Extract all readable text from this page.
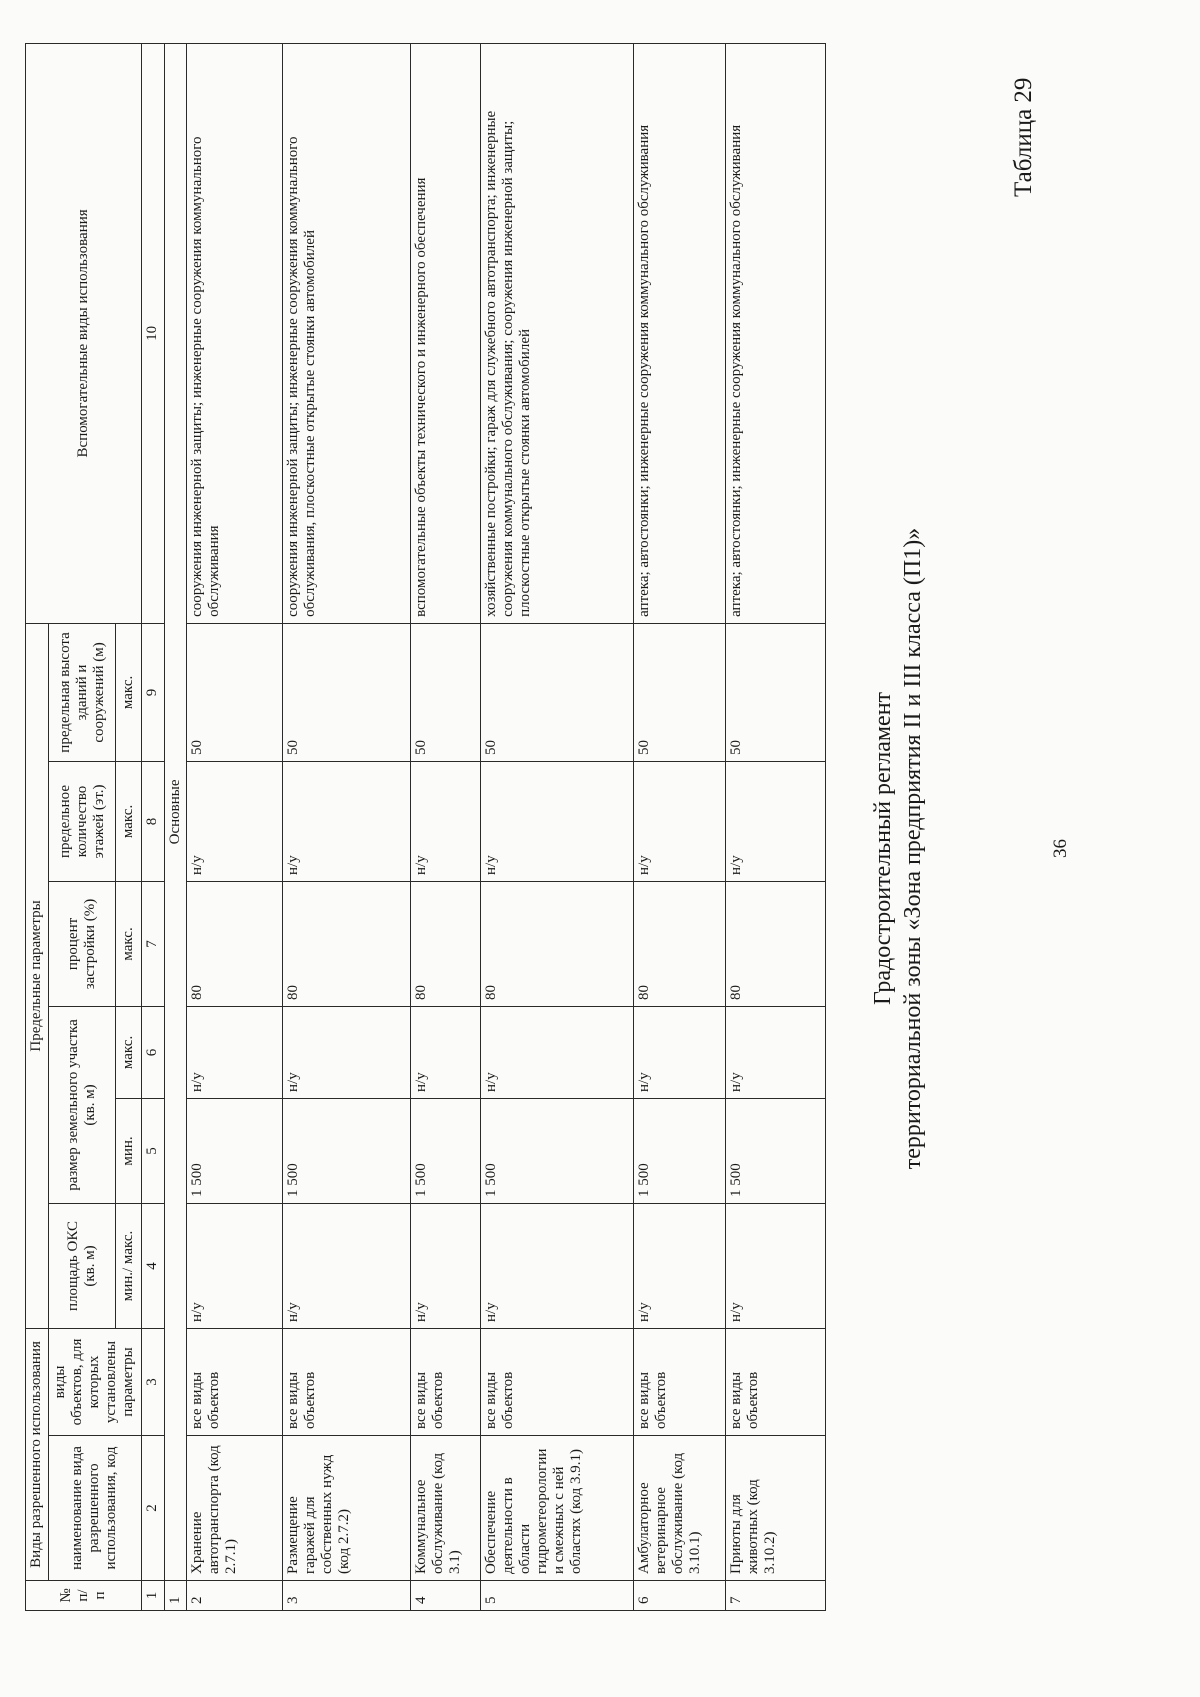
Таблица 29
36
Градостроительный регламент территориальной зоны «Зона предприятия II и III класса (П1)»
№ п/ п	Виды разрешенного использования		Предельные параметры						Вспомогательные виды использования
	наименование вида разрешенного использования, код	виды объектов, для которых установлены параметры	площадь ОКС (кв. м)	размер земельного участка (кв. м)		процент застройки (%)	предельное количество этажей (эт.)	предельная высота зданий и сооружений (м)	
			мин./ макс.	мин.	макс.	макс.	макс.	макс.	
1	2	3	4	5	6	7	8	9	10
1	Основные								
2	Хранение автотранспорта (код 2.7.1)	все виды объектов	н/у	1 500	н/у	80	н/у	50	сооружения инженерной защиты; инженерные сооружения коммунального обслуживания
3	Размещение гаражей для собственных нужд (код 2.7.2)	все виды объектов	н/у	1 500	н/у	80	н/у	50	сооружения инженерной защиты; инженерные сооружения коммунального обслуживания, плоскостные открытые стоянки автомобилей
4	Коммунальное обслуживание (код 3.1)	все виды объектов	н/у	1 500	н/у	80	н/у	50	вспомогательные объекты технического и инженерного обеспечения
5	Обеспечение деятельности в области гидрометеорологии и смежных с ней областях (код 3.9.1)	все виды объектов	н/у	1 500	н/у	80	н/у	50	хозяйственные постройки; гараж для служебного автотранспорта; инженерные сооружения коммунального обслуживания; сооружения инженерной защиты; плоскостные открытые стоянки автомобилей
6	Амбулаторное ветеринарное обслуживание (код 3.10.1)	все виды объектов	н/у	1 500	н/у	80	н/у	50	аптека; автостоянки; инженерные сооружения коммунального обслуживания
7	Приюты для животных (код 3.10.2)	все виды объектов	н/у	1 500	н/у	80	н/у	50	аптека; автостоянки; инженерные сооружения коммунального обслуживания
